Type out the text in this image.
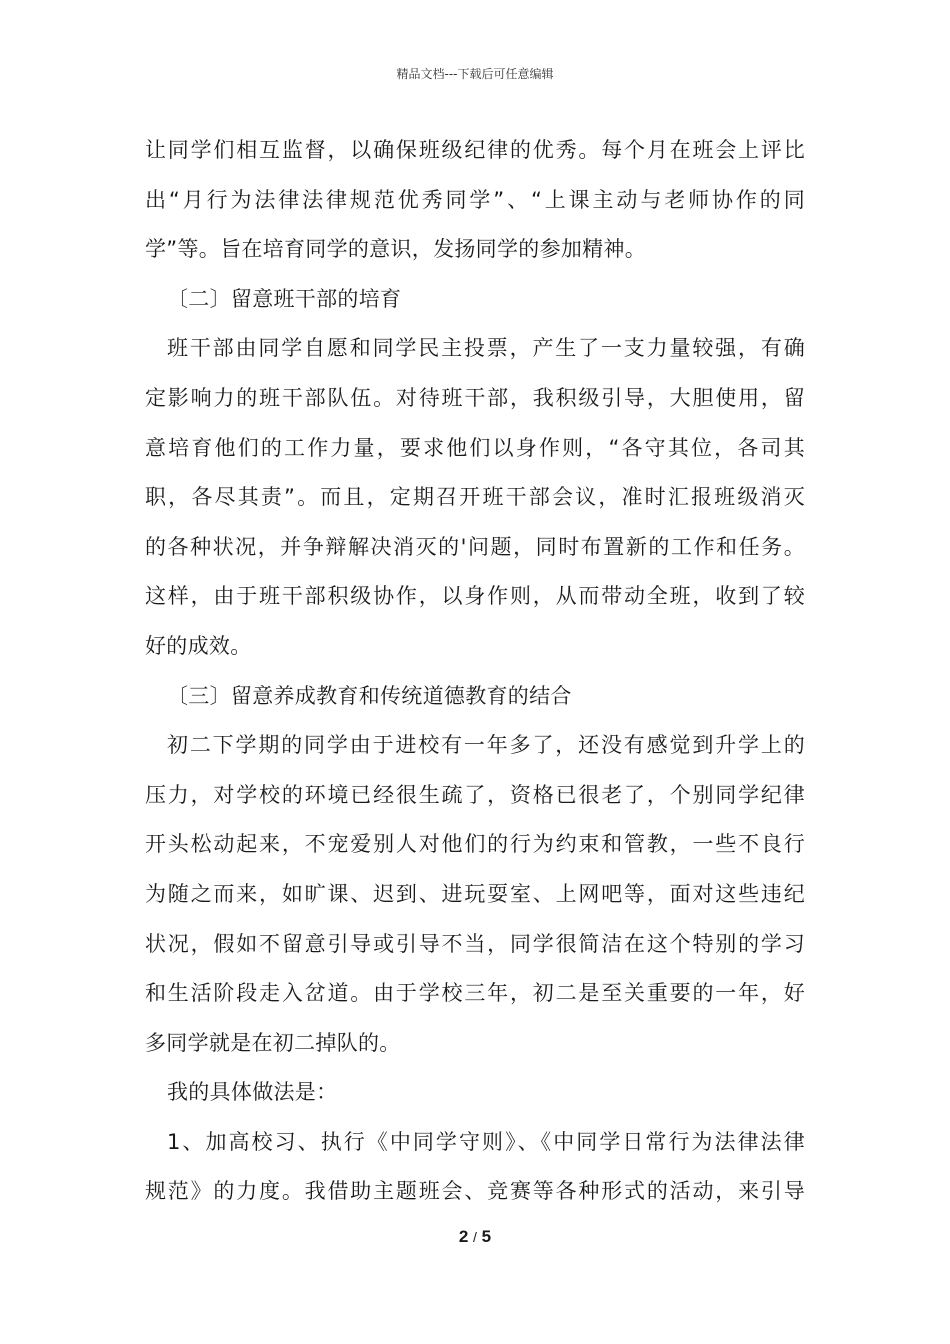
精品文档---下载后可任意编辑
让同学们相互监督，以确保班级纪律的优秀。每个月在班会上评比
出“月行为法律法律规范优秀同学”、“上课主动与老师协作的同
学”等。旨在培育同学的意识，发扬同学的参加精神。
〔二〕留意班干部的培育
班干部由同学自愿和同学民主投票，产生了一支力量较强，有确
定影响力的班干部队伍。对待班干部，我积级引导，大胆使用，留
意培育他们的工作力量，要求他们以身作则，“各守其位，各司其
职，各尽其责”。而且，定期召开班干部会议，准时汇报班级消灭
的各种状况，并争辩解决消灭的'问题，同时布置新的工作和任务。
这样，由于班干部积级协作，以身作则，从而带动全班，收到了较
好的成效。
〔三〕留意养成教育和传统道德教育的结合
初二下学期的同学由于进校有一年多了，还没有感觉到升学上的
压力，对学校的环境已经很生疏了，资格已很老了，个别同学纪律
开头松动起来，不宠爱别人对他们的行为约束和管教，一些不良行
为随之而来，如旷课、迟到、进玩耍室、上网吧等，面对这些违纪
状况，假如不留意引导或引导不当，同学很简洁在这个特别的学习
和生活阶段走入岔道。由于学校三年，初二是至关重要的一年，好
多同学就是在初二掉队的。
我的具体做法是：
1、加高校习、执行《中同学守则》、《中同学日常行为法律法律
规范》的力度。我借助主题班会、竞赛等各种形式的活动，来引导
2 / 5
